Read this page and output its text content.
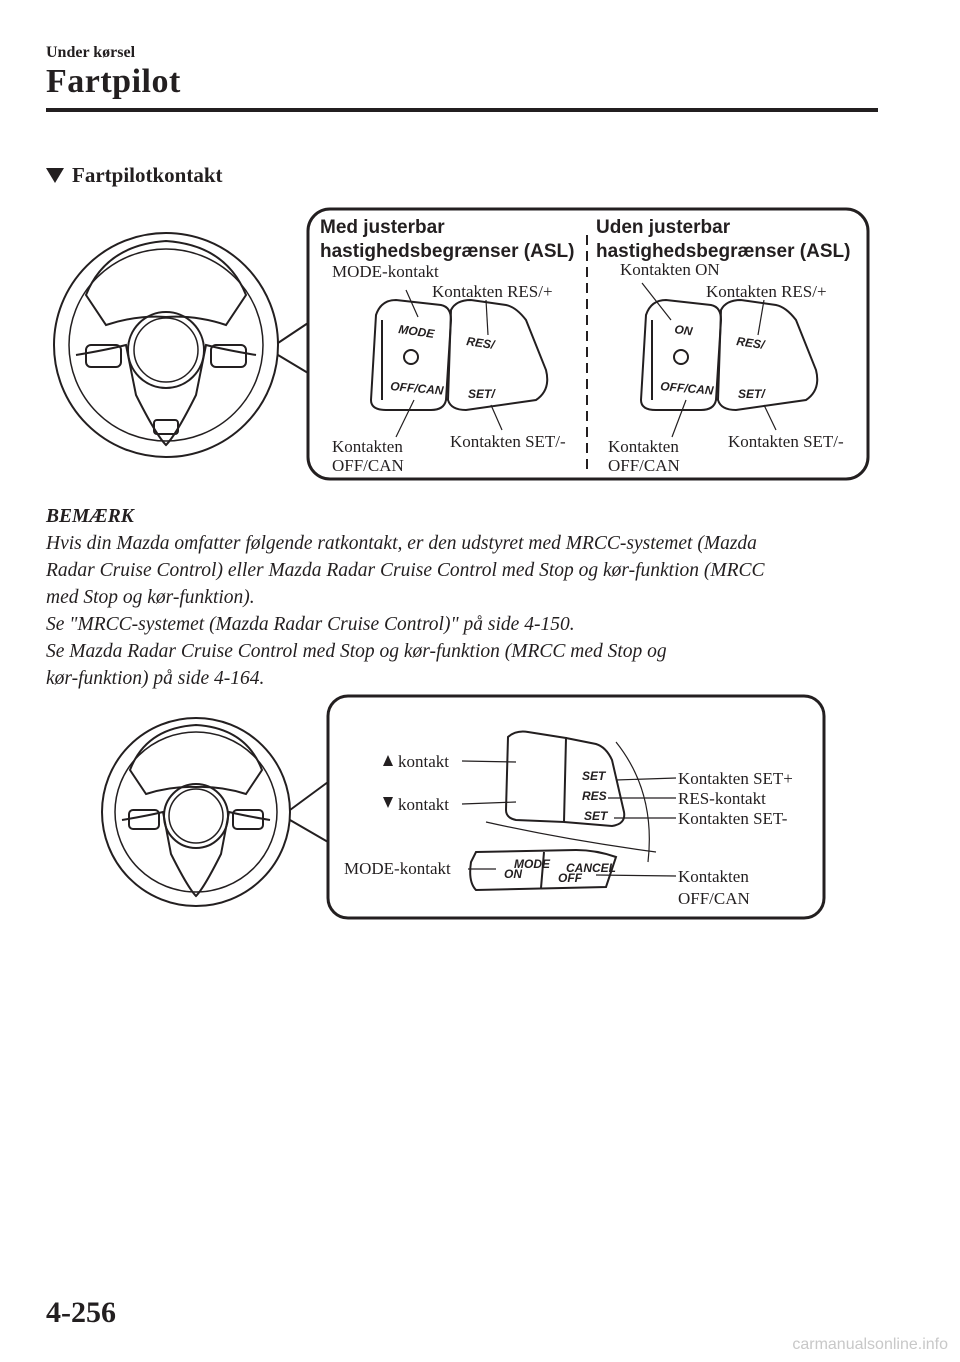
Under kørsel
Fartpilot
Fartpilotkontakt
Med justerbar
hastighedsbegrænser (ASL)
MODE-kontakt
Kontakten RES/+
Kontakten
OFF/CAN
Kontakten SET/-
MODE
OFF/CAN
RES/
SET/
Uden justerbar
hastighedsbegrænser (ASL)
Kontakten ON
Kontakten RES/+
Kontakten
OFF/CAN
Kontakten SET/-
ON
OFF/CAN
RES/
SET/
BEMÆRK
Hvis din Mazda omfatter følgende ratkontakt, er den udstyret med MRCC-systemet (Mazda
Radar Cruise Control) eller Mazda Radar Cruise Control med Stop og kør-funktion (MRCC
med Stop og kør-funktion).
Se "MRCC-systemet (Mazda Radar Cruise Control)" på side 4-150.
Se Mazda Radar Cruise Control med Stop og kør-funktion (MRCC med Stop og
kør-funktion) på side 4-164.
kontakt
kontakt
MODE-kontakt
Kontakten SET+
RES-kontakt
Kontakten SET-
Kontakten
OFF/CAN
SET
RES
SET
MODE
ON	CANCEL
OFF
4-256
carmanualsonline.info
